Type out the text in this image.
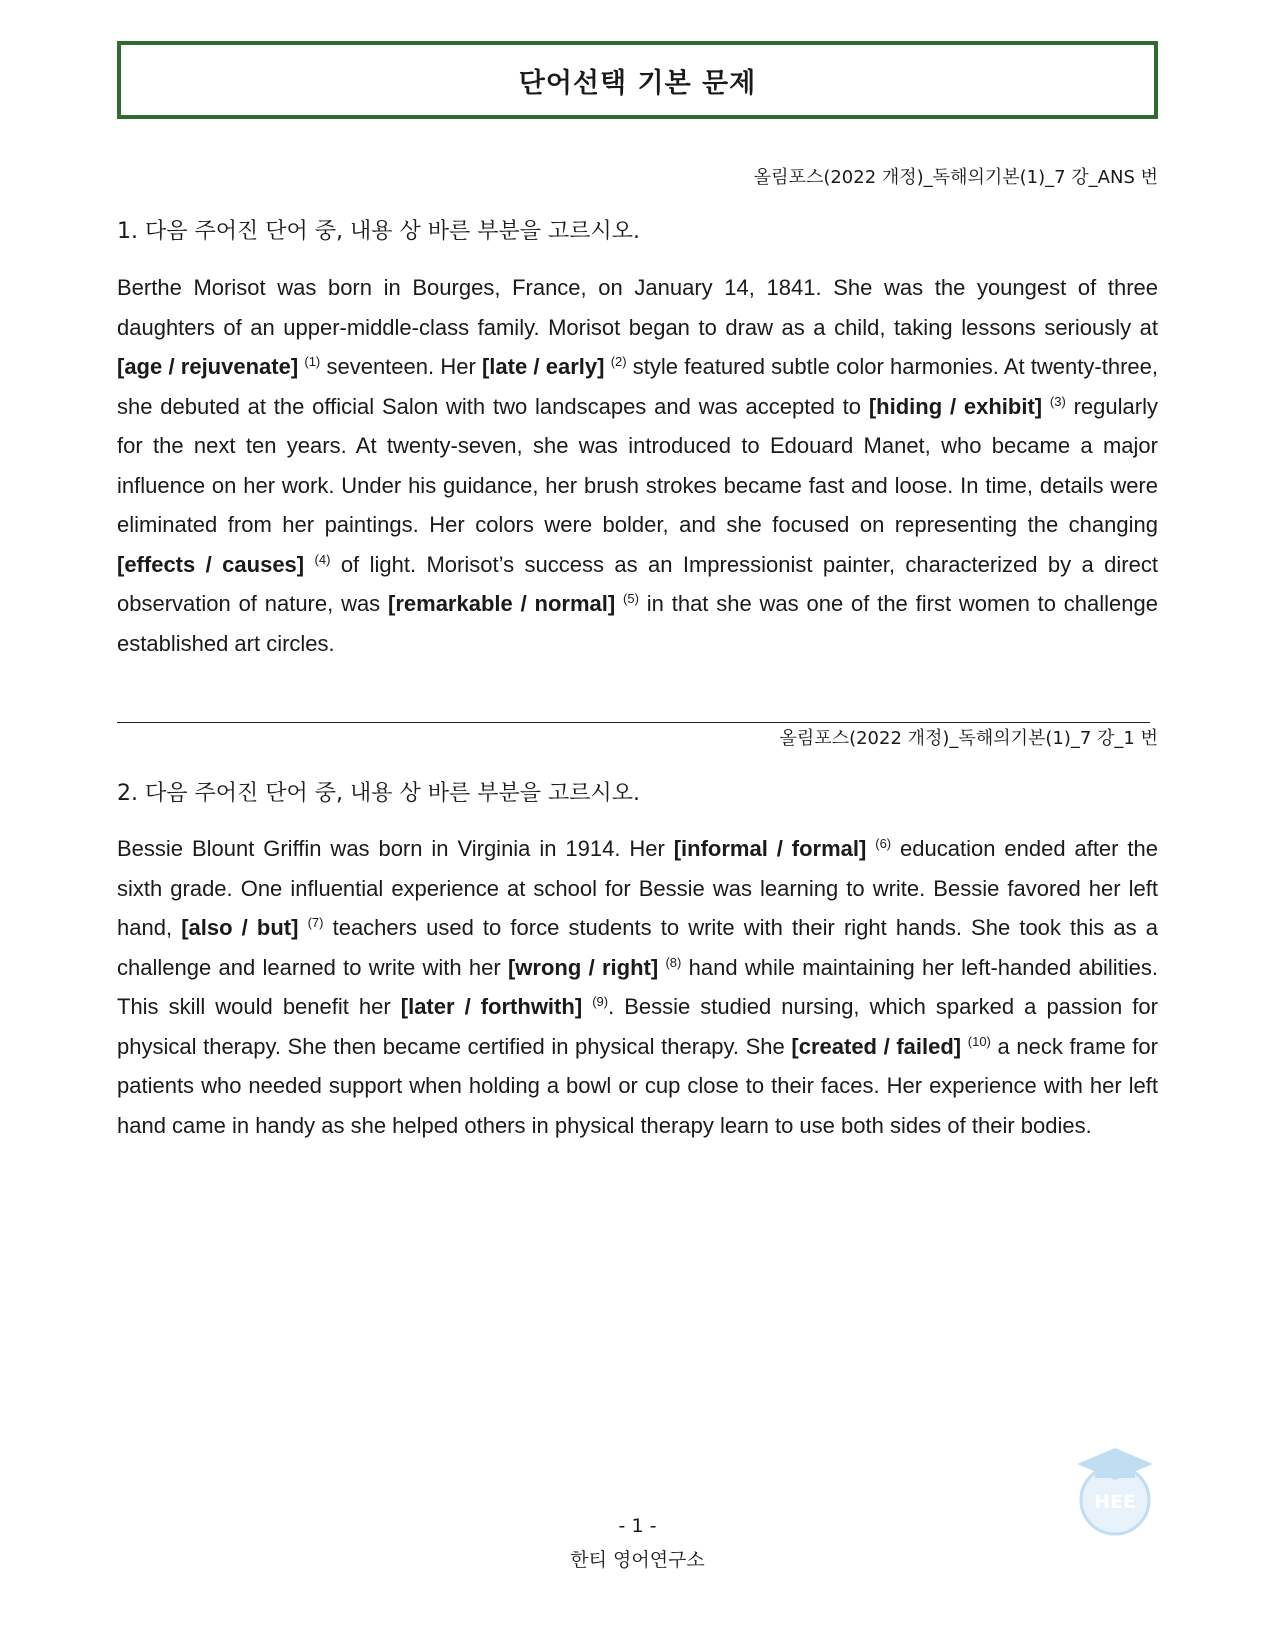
단어선택 기본 문제
올림포스(2022 개정)_독해의기본(1)_7 강_ANS 번
1. 다음 주어진 단어 중, 내용 상 바른 부분을 고르시오.

Berthe Morisot was born in Bourges, France, on January 14, 1841. She was the youngest of three daughters of an upper-middle-class family. Morisot began to draw as a child, taking lessons seriously at [age / rejuvenate] $^{(1)}$ seventeen. Her [late / early] $^{(2)}$ style featured subtle color harmonies. At twenty-three, she debuted at the official Salon with two landscapes and was accepted to [hiding / exhibit] $^{(3)}$ regularly for the next ten years. At twenty-seven, she was introduced to Edouard Manet, who became a major influence on her work. Under his guidance, her brush strokes became fast and loose. In time, details were eliminated from her paintings. Her colors were bolder, and she focused on representing the changing [effects / causes] $^{(4)}$ of light. Morisot’s success as an Impressionist painter, characterized by a direct observation of nature, was [remarkable / normal] $^{(5)}$ in that she was one of the first women to challenge established art circles.

올림포스(2022 개정)_독해의기본(1)_7 강_1 번
2. 다음 주어진 단어 중, 내용 상 바른 부분을 고르시오.

Bessie Blount Griffin was born in Virginia in 1914. Her [informal / formal] $^{(6)}$ education ended after the sixth grade. One influential experience at school for Bessie was learning to write. Bessie favored her left hand, [also / but] $^{(7)}$ teachers used to force students to write with their right hands. She took this as a challenge and learned to write with her [wrong / right] $^{(8)}$ hand while maintaining her left-handed abilities. This skill would benefit her [later / forthwith] $^{(9)}$. Bessie studied nursing, which sparked a passion for physical therapy. She then became certified in physical therapy. She [created / failed] $^{(10)}$ a neck frame for patients who needed support when holding a bowl or cup close to their faces. Her experience with her left hand came in handy as she helped others in physical therapy learn to use both sides of their bodies.

HEE
- 1 -
한티 영어연구소
